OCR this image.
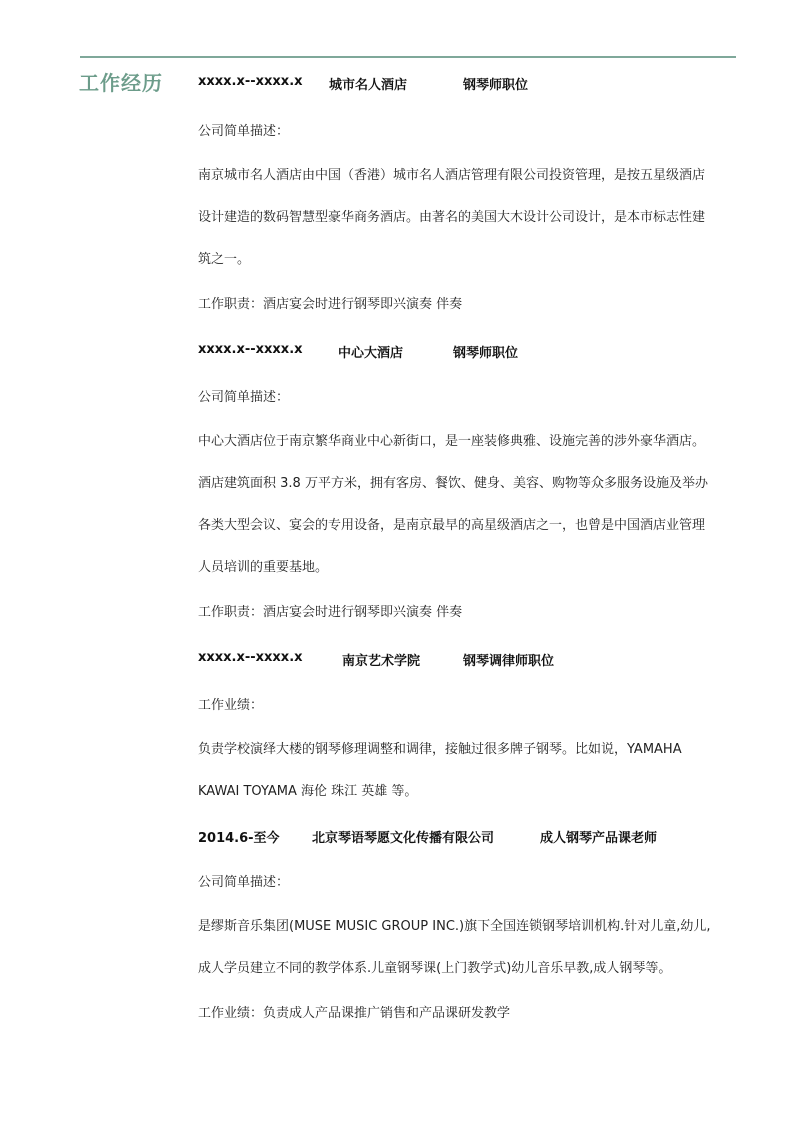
工作经历	xxxx.x--xxxx.x 城市名人酒店	钢琴师职位
公司简单描述：
南京城市名人酒店由中国（香港）城市名人酒店管理有限公司投资管理，是按五星级酒店
设计建造的数码智慧型豪华商务酒店。由著名的美国大木设计公司设计，是本市标志性建
筑之一。
工作职责：酒店宴会时进行钢琴即兴演奏 伴奏
xxxx.x--xxxx.x	中心大酒店	钢琴师职位
公司简单描述：
中心大酒店位于南京繁华商业中心新街口，是一座装修典雅、设施完善的涉外豪华酒店。
酒店建筑面积 3.8 万平方米，拥有客房、餐饮、健身、美容、购物等众多服务设施及举办
各类大型会议、宴会的专用设备，是南京最早的高星级酒店之一，也曾是中国酒店业管理
人员培训的重要基地。
工作职责：酒店宴会时进行钢琴即兴演奏 伴奏
xxxx.x--xxxx.x	南京艺术学院	钢琴调律师职位
工作业绩：
负责学校演绎大楼的钢琴修理调整和调律，接触过很多牌子钢琴。比如说，YAMAHA
KAWAI TOYAMA 海伦 珠江 英雄 等。
2014.6-至今 北京琴语琴愿文化传播有限公司	成人钢琴产品课老师
公司简单描述：
是缪斯音乐集团(MUSE MUSIC GROUP INC.)旗下全国连锁钢琴培训机构.针对儿童,幼儿,
成人学员建立不同的教学体系.儿童钢琴课(上门教学式)幼儿音乐早教,成人钢琴等。
工作业绩：负责成人产品课推广销售和产品课研发教学
